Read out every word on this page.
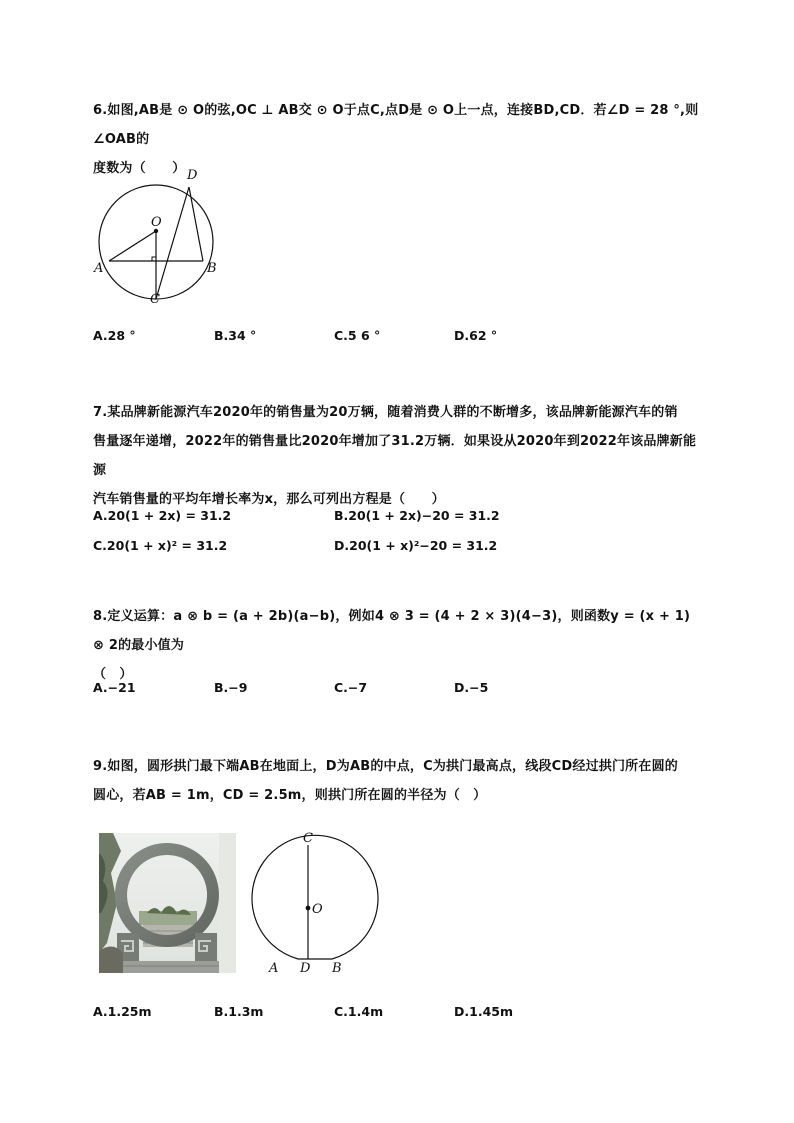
6.如图,AB是 ⊙ O的弦,OC ⊥ AB交 ⊙ O于点C,点D是 ⊙ O上一点，连接BD,CD．若∠D = 28 °,则∠OAB的
度数为（　　） D
O
A	B
C
A.28 °	B.34 °	C.5 6 °	D.62 °
7.某品牌新能源汽车2020年的销售量为20万辆，随着消费人群的不断增多，该品牌新能源汽车的销
售量逐年递增，2022年的销售量比2020年增加了31.2万辆．如果设从2020年到2022年该品牌新能源
汽车销售量的平均年增长率为x，那么可列出方程是（　　）
A.20(1 + 2x) = 31.2	B.20(1 + 2x)−20 = 31.2
C.20(1 + x)² = 31.2	D.20(1 + x)²−20 = 31.2
8.定义运算：a ⊗ b = (a + 2b)(a−b)，例如4 ⊗ 3 = (4 + 2 × 3)(4−3)，则函数y = (x + 1) ⊗ 2的最小值为
（　）
A.−21	B.−9	C.−7	D.−5
9.如图，圆形拱门最下端AB在地面上，D为AB的中点，C为拱门最高点，线段CD经过拱门所在圆的
圆心，若AB = 1m，CD = 2.5m，则拱门所在圆的半径为（　）
C
O
A D B
A.1.25m	B.1.3m	C.1.4m	D.1.45m
